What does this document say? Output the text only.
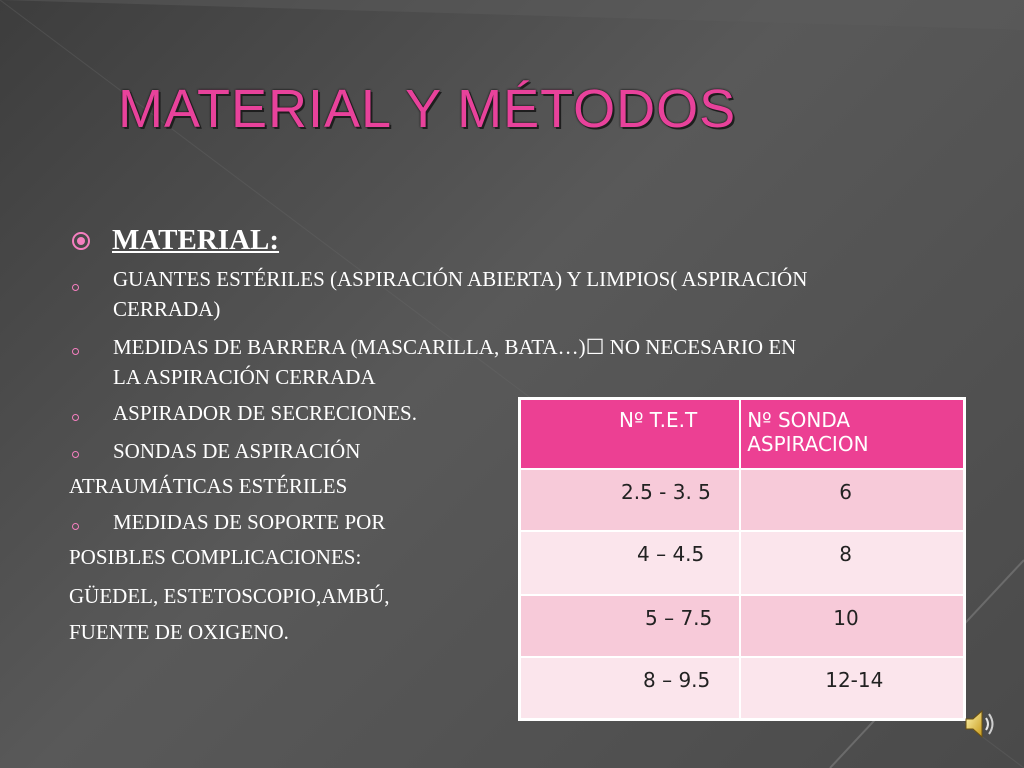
MATERIAL Y MÉTODOS
MATERIAL:
GUANTES ESTÉRILES (ASPIRACIÓN ABIERTA) Y LIMPIOS( ASPIRACIÓN
CERRADA)
MEDIDAS DE BARRERA (MASCARILLA, BATA…)☐ NO NECESARIO EN
LA ASPIRACIÓN CERRADA
ASPIRADOR DE SECRECIONES.
SONDAS DE ASPIRACIÓN
ATRAUMÁTICAS ESTÉRILES
MEDIDAS DE SOPORTE POR
POSIBLES COMPLICACIONES:
GÜEDEL, ESTETOSCOPIO,AMBÚ,
FUENTE DE OXIGENO.
Nº T.E.T	Nº SONDA ASPIRACION
2.5 - 3. 5	6
4 – 4.5	8
5 – 7.5	10
8 – 9.5	12-14
